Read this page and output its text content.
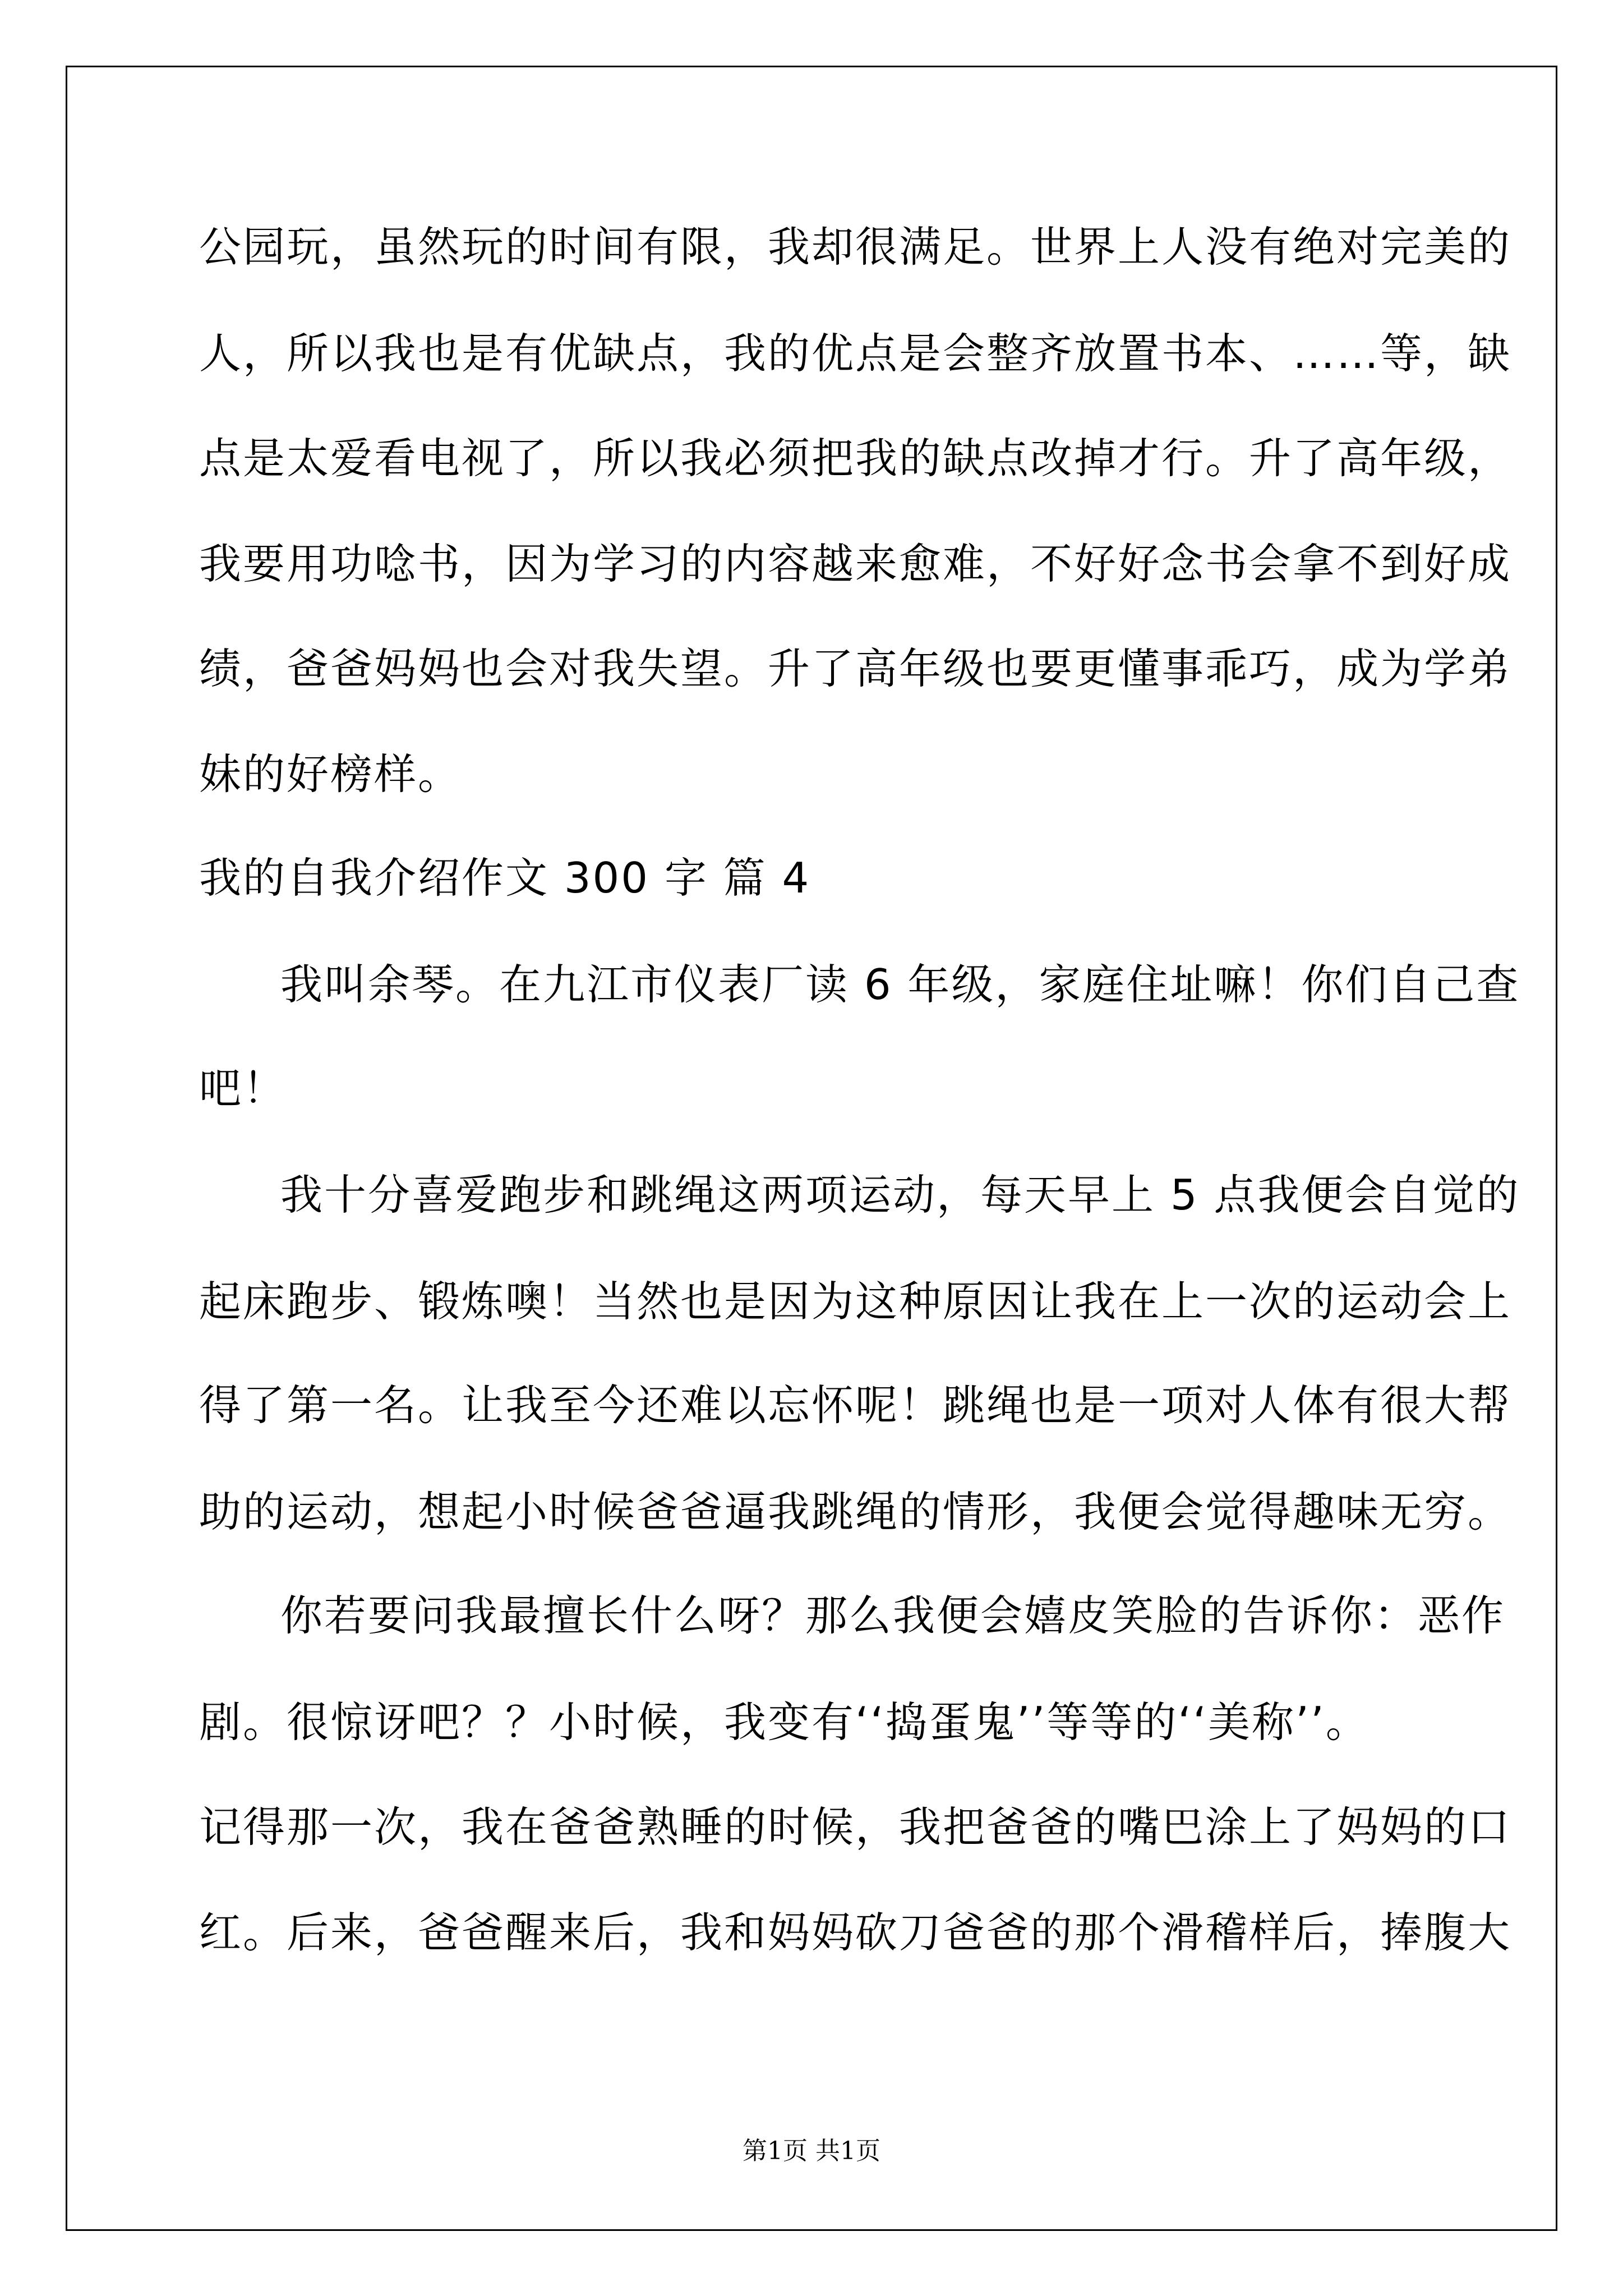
公园玩，虽然玩的时间有限，我却很满足。世界上人没有绝对完美的
人，所以我也是有优缺点，我的优点是会整齐放置书本、……等，缺
点是太爱看电视了，所以我必须把我的缺点改掉才行。升了高年级，
我要用功唸书，因为学习的内容越来愈难，不好好念书会拿不到好成
绩，爸爸妈妈也会对我失望。升了高年级也要更懂事乖巧，成为学弟
妹的好榜样。
我的自我介绍作文 300 字 篇 4
我叫余琴。在九江市仪表厂读 6 年级，家庭住址嘛！你们自己查
吧！
我十分喜爱跑步和跳绳这两项运动，每天早上 5 点我便会自觉的
起床跑步、锻炼噢！当然也是因为这种原因让我在上一次的运动会上
得了第一名。让我至今还难以忘怀呢！跳绳也是一项对人体有很大帮
助的运动，想起小时候爸爸逼我跳绳的情形，我便会觉得趣味无穷。
你若要问我最擅长什么呀？那么我便会嬉皮笑脸的告诉你：恶作
剧。很惊讶吧？？小时候，我变有‘‘捣蛋鬼’’等等的‘‘美称’’。
记得那一次，我在爸爸熟睡的时候，我把爸爸的嘴巴涂上了妈妈的口
红。后来，爸爸醒来后，我和妈妈砍刀爸爸的那个滑稽样后，捧腹大
第1页 共1页
